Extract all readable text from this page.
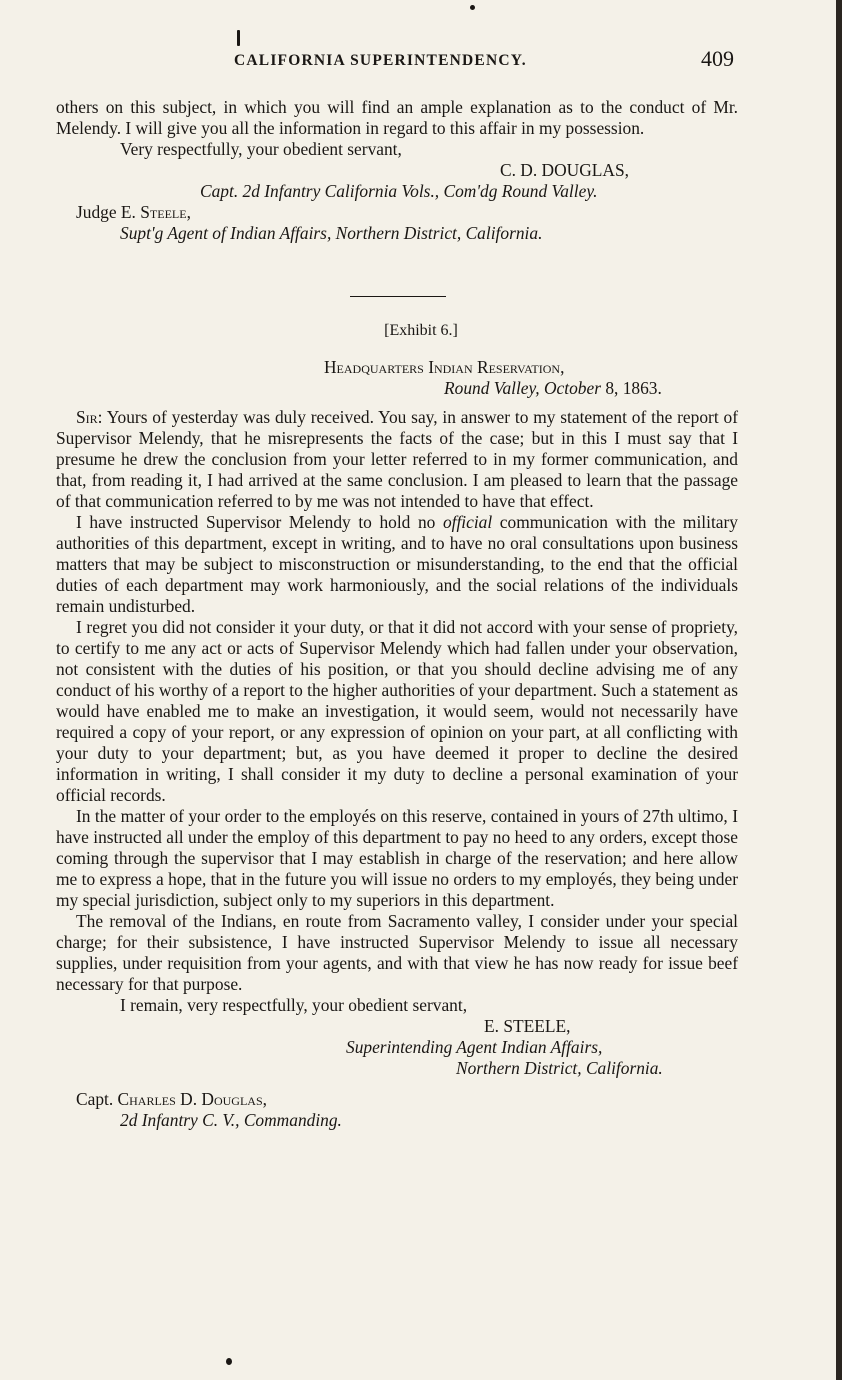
CALIFORNIA SUPERINTENDENCY.	409

others on this subject, in which you will find an ample explanation as to the conduct of Mr. Melendy. I will give you all the information in regard to this affair in my possession.

Very respectfully, your obedient servant,
C. D. DOUGLAS,
Capt. 2d Infantry California Vols., Com'dg Round Valley.
Judge E. Steele,
Supt'g Agent of Indian Affairs, Northern District, California.
[Exhibit 6.]
Headquarters Indian Reservation,
Round Valley, October 8, 1863.

Sir: Yours of yesterday was duly received. You say, in answer to my statement of the report of Supervisor Melendy, that he misrepresents the facts of the case; but in this I must say that I presume he drew the conclusion from your letter referred to in my former communication, and that, from reading it, I had arrived at the same conclusion. I am pleased to learn that the passage of that communication referred to by me was not intended to have that effect.

I have instructed Supervisor Melendy to hold no official communication with the military authorities of this department, except in writing, and to have no oral consultations upon business matters that may be subject to misconstruction or misunderstanding, to the end that the official duties of each department may work harmoniously, and the social relations of the individuals remain undisturbed.

I regret you did not consider it your duty, or that it did not accord with your sense of propriety, to certify to me any act or acts of Supervisor Melendy which had fallen under your observation, not consistent with the duties of his position, or that you should decline advising me of any conduct of his worthy of a report to the higher authorities of your department. Such a statement as would have enabled me to make an investigation, it would seem, would not necessarily have required a copy of your report, or any expression of opinion on your part, at all conflicting with your duty to your department; but, as you have deemed it proper to decline the desired information in writing, I shall consider it my duty to decline a personal examination of your official records.

In the matter of your order to the employés on this reserve, contained in yours of 27th ultimo, I have instructed all under the employ of this department to pay no heed to any orders, except those coming through the supervisor that I may establish in charge of the reservation; and here allow me to express a hope, that in the future you will issue no orders to my employés, they being under my special jurisdiction, subject only to my superiors in this department.

The removal of the Indians, en route from Sacramento valley, I consider under your special charge; for their subsistence, I have instructed Supervisor Melendy to issue all necessary supplies, under requisition from your agents, and with that view he has now ready for issue beef necessary for that purpose.

I remain, very respectfully, your obedient servant,
E. STEELE,
Superintending Agent Indian Affairs,
Northern District, California.
Capt. Charles D. Douglas,
2d Infantry C. V., Commanding.
